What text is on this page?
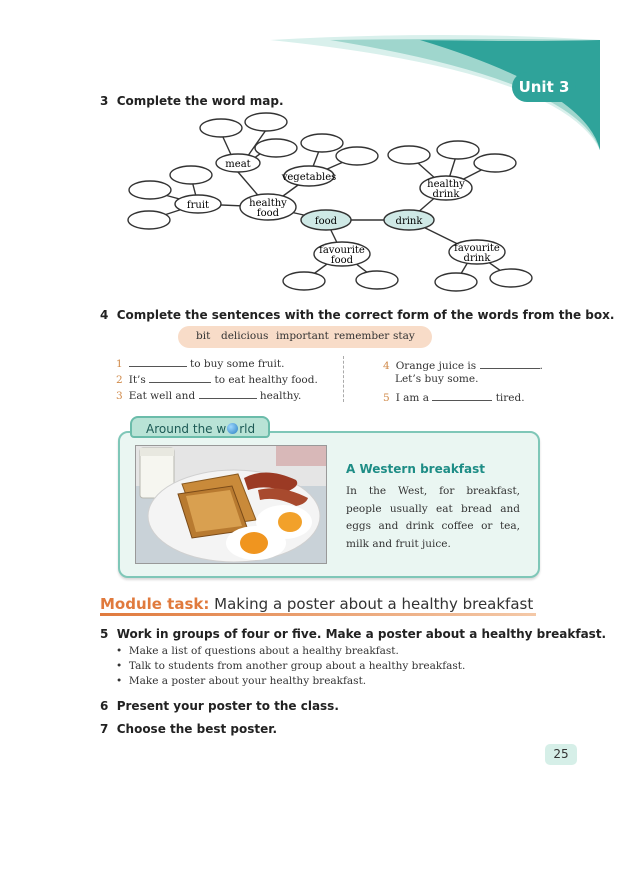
Unit 3
3 Complete the word map.
meat
vegetables
fruit	healthy
food
food	drink
healthy
drink
favourite
food
favourite
drink
4 Complete the sentences with the correct form of the words from the box.
bit delicious important remember stay
1	to buy some fruit.
2 It’s	to eat healthy food.
3 Eat well and	healthy.
4 Orange juice is	.
Let’s buy some.
5 I am a	tired.
Around the w rld
A Western breakfast
In the West, for breakfast, people usually eat bread and eggs and drink coffee or tea, milk and fruit juice.
Module task: Making a poster about a healthy breakfast
5 Work in groups of four or five. Make a poster about a healthy breakfast.
•  Make a list of questions about a healthy breakfast.
•  Talk to students from another group about a healthy breakfast.
•  Make a poster about your healthy breakfast.
6 Present your poster to the class.
7 Choose the best poster.
25
